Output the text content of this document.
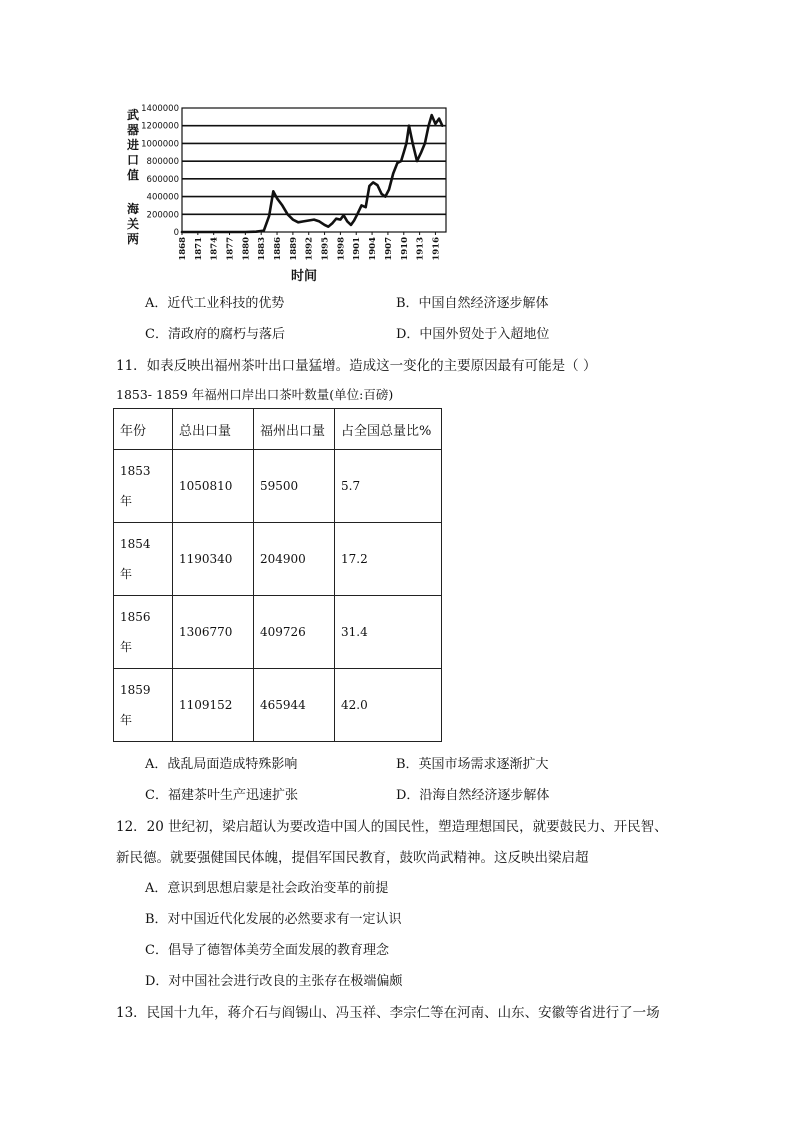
武器进口值
海关两	0
200000
400000
600000
800000
1000000
1200000
1400000
1868 1871 1874 1877 1880 1883 1886 1889 1892 1895 1898 1901 1904 1907 1910 1913 1916
时间
A．近代工业科技的优势	B．中国自然经济逐步解体
C．清政府的腐朽与落后	D．中国外贸处于入超地位
11．如表反映出福州茶叶出口量猛增。造成这一变化的主要原因最有可能是（ ）
1853- 1859 年福州口岸出口茶叶数量(单位:百磅)
年份	总出口量	福州出口量	占全国总量比%
1853
年	1050810	59500	5.7
1854
年	1190340	204900	17.2
1856
年	1306770	409726	31.4
1859
年	1109152	465944	42.0
A．战乱局面造成特殊影响	B．英国市场需求逐渐扩大
C．福建茶叶生产迅速扩张	D．沿海自然经济逐步解体
12．20 世纪初，梁启超认为要改造中国人的国民性，塑造理想国民，就要鼓民力、开民智、
新民德。就要强健国民体魄，提倡军国民教育，鼓吹尚武精神。这反映出梁启超
A．意识到思想启蒙是社会政治变革的前提
B．对中国近代化发展的必然要求有一定认识
C．倡导了德智体美劳全面发展的教育理念
D．对中国社会进行改良的主张存在极端偏颇
13．民国十九年，蒋介石与阎锡山、冯玉祥、李宗仁等在河南、山东、安徽等省进行了一场
